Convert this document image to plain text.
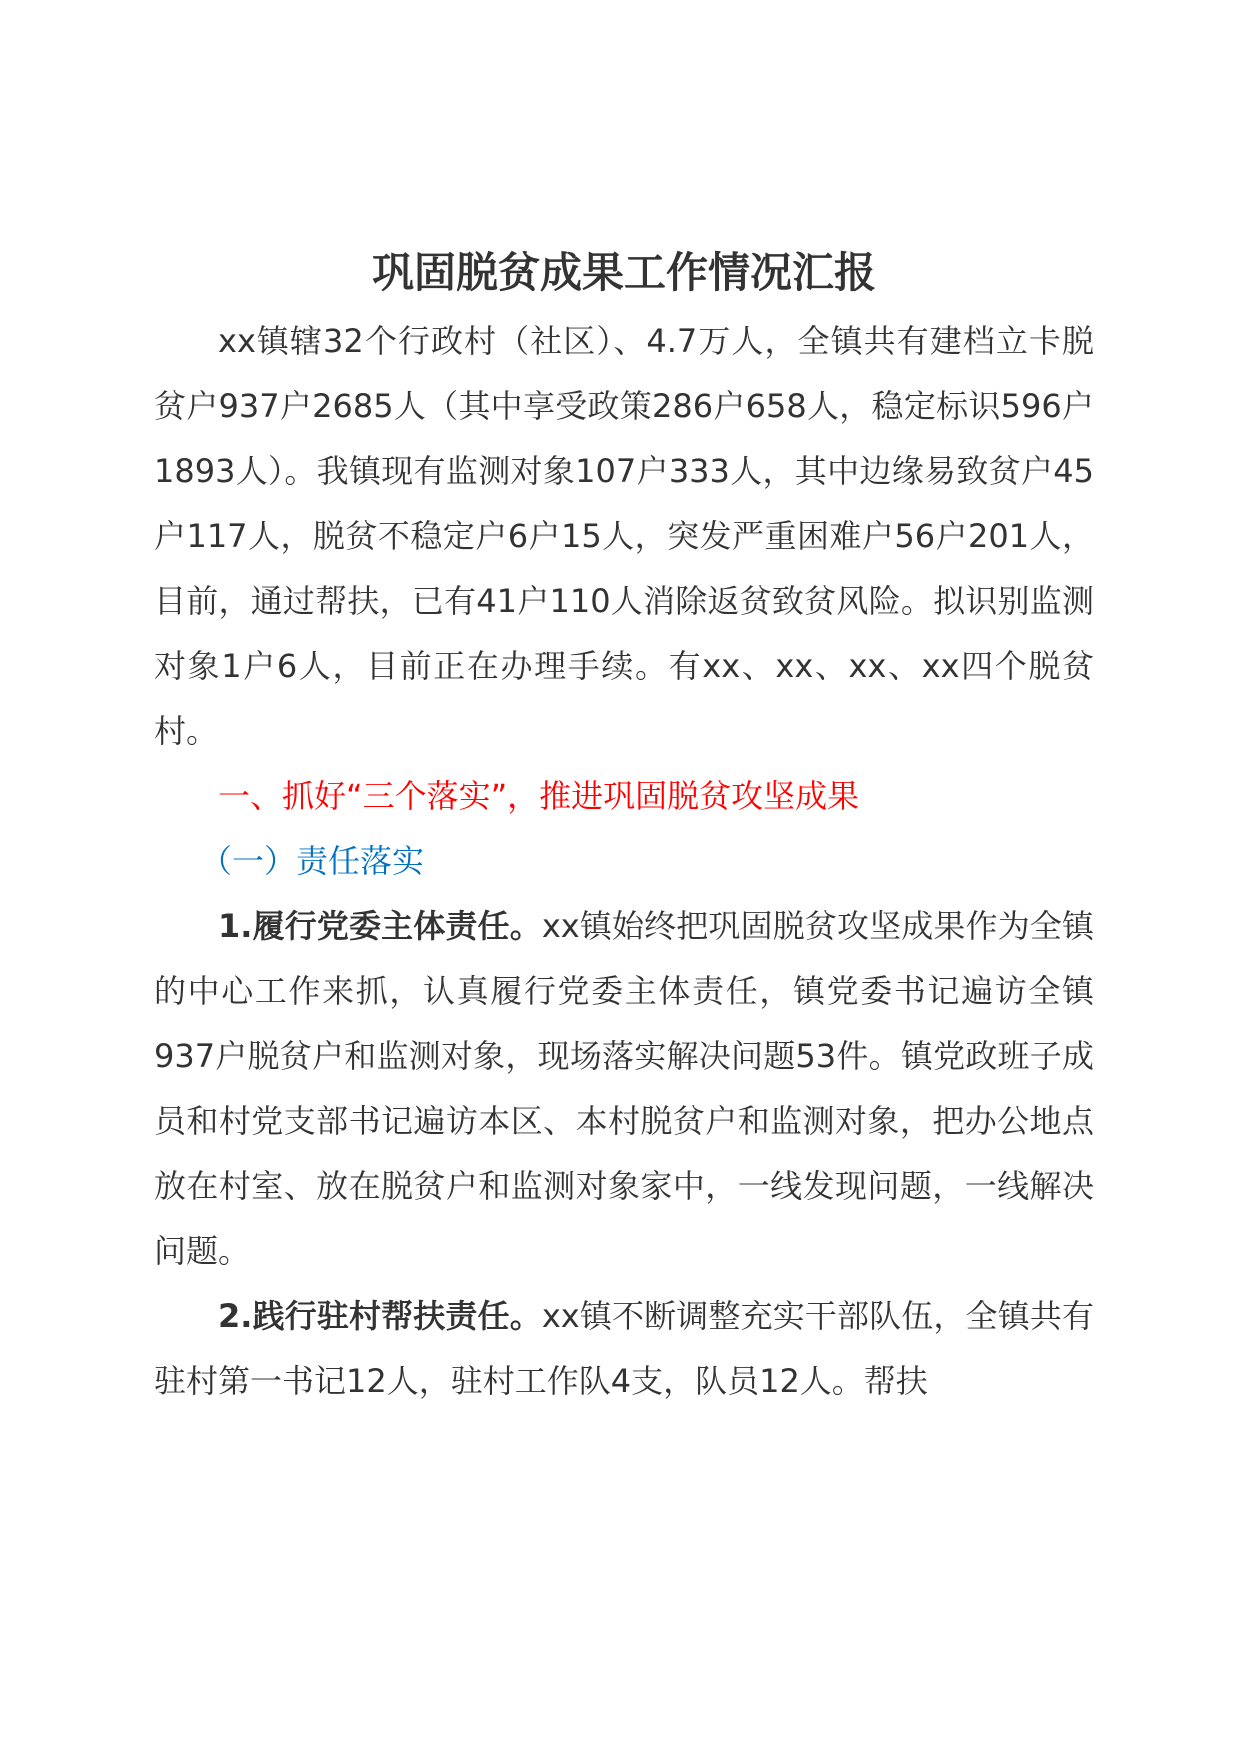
巩固脱贫成果工作情况汇报

xx镇辖32个行政村（社区）、4.7万人，全镇共有建档立卡脱贫户937户2685人（其中享受政策286户658人，稳定标识596户1893人）。我镇现有监测对象107户333人，其中边缘易致贫户45户117人，脱贫不稳定户6户15人，突发严重困难户56户201人，目前，通过帮扶，已有41户110人消除返贫致贫风险。拟识别监测对象1户6人，目前正在办理手续。有xx、xx、xx、xx四个脱贫村。

一、抓好“三个落实”，推进巩固脱贫攻坚成果

（一）责任落实

1.履行党委主体责任。xx镇始终把巩固脱贫攻坚成果作为全镇的中心工作来抓，认真履行党委主体责任，镇党委书记遍访全镇937户脱贫户和监测对象，现场落实解决问题53件。镇党政班子成员和村党支部书记遍访本区、本村脱贫户和监测对象，把办公地点放在村室、放在脱贫户和监测对象家中，一线发现问题，一线解决问题。

2.践行驻村帮扶责任。xx镇不断调整充实干部队伍，全镇共有驻村第一书记12人，驻村工作队4支，队员12人。帮扶
